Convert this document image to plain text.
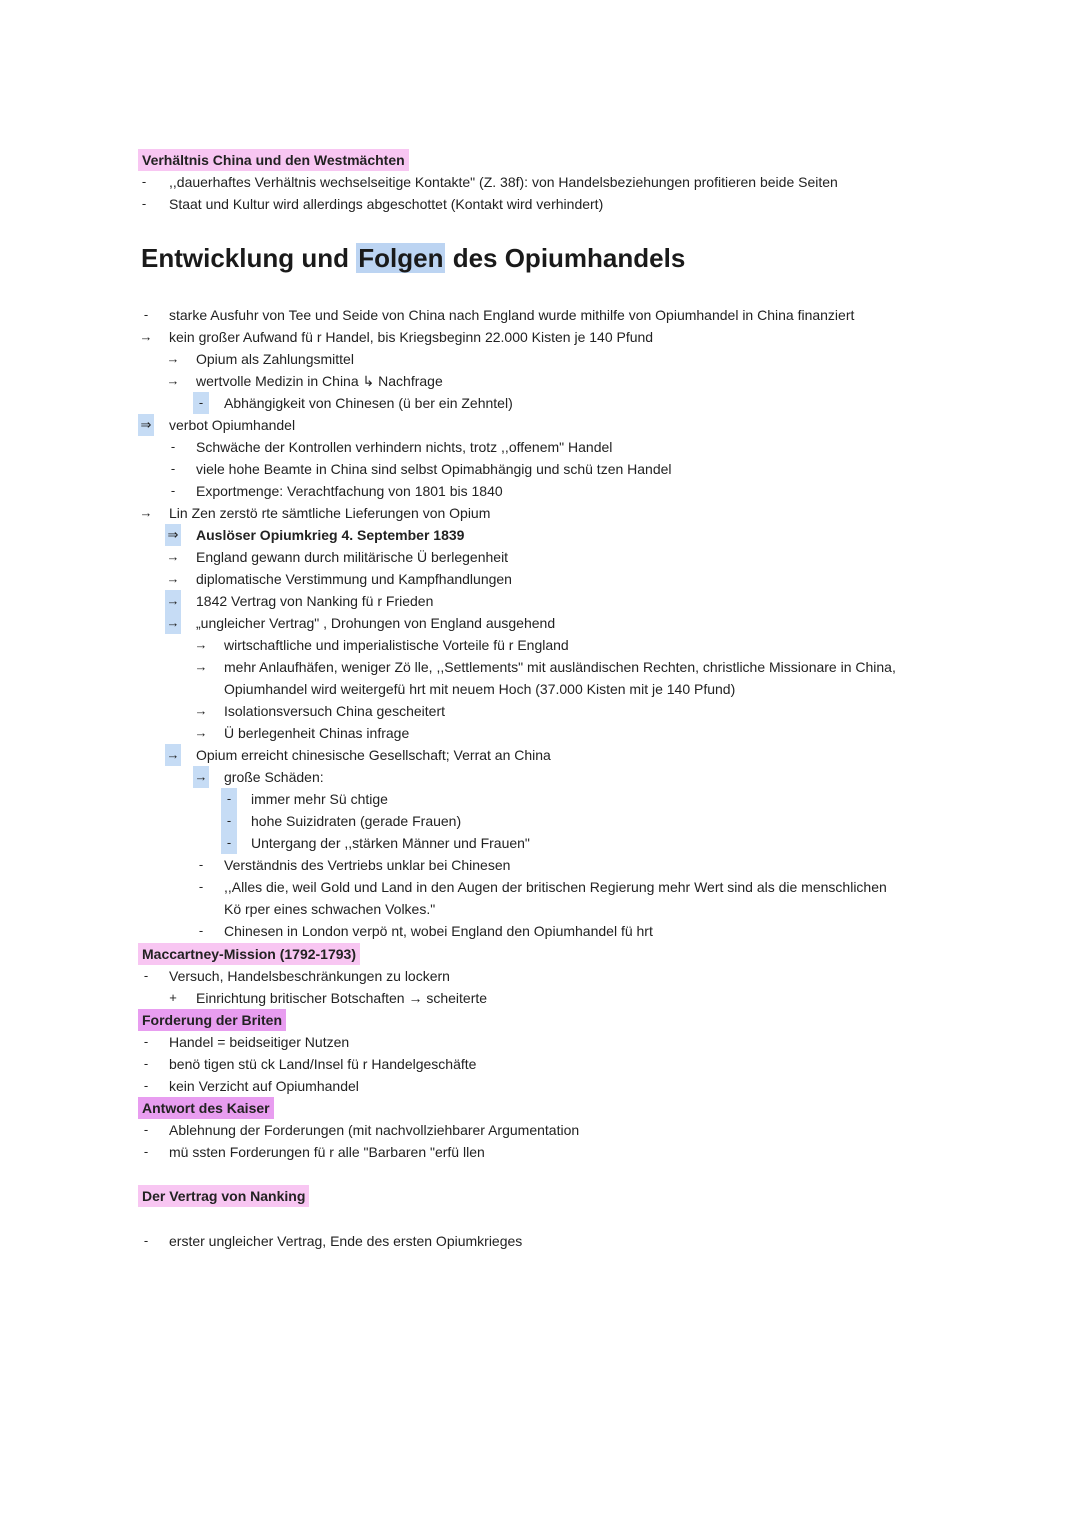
Verhältnis China und den Westmächten
-	,,dauerhaftes Verhältnis wechselseitige Kontakte" (Z. 38f): von Handelsbeziehungen profitieren beide Seiten
-	Staat und Kultur wird allerdings abgeschottet (Kontakt wird verhindert)
Entwicklung und Folgen des Opiumhandels
-	starke Ausfuhr von Tee und Seide von China nach England wurde mithilfe von Opiumhandel in China finanziert
→ kein großer Aufwand fü r Handel, bis Kriegsbeginn 22.000 Kisten je 140 Pfund
→ Opium als Zahlungsmittel
→ wertvolle Medizin in China ↳ Nachfrage
-	Abhängigkeit von Chinesen (ü ber ein Zehntel)
⇒ verbot Opiumhandel
-	Schwäche der Kontrollen verhindern nichts, trotz ,,offenem" Handel
-	viele hohe Beamte in China sind selbst Opimabhängig und schü tzen Handel
-	Exportmenge: Verachtfachung von 1801 bis 1840
→ Lin Zen zerstö rte sämtliche Lieferungen von Opium
⇒ Auslöser Opiumkrieg 4. September 1839
→ England gewann durch militärische Ü berlegenheit
→ diplomatische Verstimmung und Kampfhandlungen
→ 1842 Vertrag von Nanking fü r Frieden
→ „ungleicher Vertrag" , Drohungen von England ausgehend
→ wirtschaftliche und imperialistische Vorteile fü r England
→ mehr Anlaufhäfen, weniger Zö lle, ,,Settlements" mit ausländischen Rechten, christliche Missionare in China,
Opiumhandel wird weitergefü hrt mit neuem Hoch (37.000 Kisten mit je 140 Pfund)
→ Isolationsversuch China gescheitert
→ Ü berlegenheit Chinas infrage
→ Opium erreicht chinesische Gesellschaft; Verrat an China
→ große Schäden:
-	immer mehr Sü chtige
-	hohe Suizidraten (gerade Frauen)
-	Untergang der ,,stärken Männer und Frauen"
-	Verständnis des Vertriebs unklar bei Chinesen
-	,,Alles die, weil Gold und Land in den Augen der britischen Regierung mehr Wert sind als die menschlichen
Kö rper eines schwachen Volkes."
-	Chinesen in London verpö nt, wobei England den Opiumhandel fü hrt
Maccartney-Mission (1792-1793)
-	Versuch, Handelsbeschränkungen zu lockern
+	Einrichtung britischer Botschaften → scheiterte
Forderung der Briten
-	Handel = beidseitiger Nutzen
-	benö tigen stü ck Land/Insel fü r Handelgeschäfte
-	kein Verzicht auf Opiumhandel
Antwort des Kaiser
-	Ablehnung der Forderungen (mit nachvollziehbarer Argumentation
-	mü ssten Forderungen fü r alle "Barbaren "erfü llen
Der Vertrag von Nanking
-	erster ungleicher Vertrag, Ende des ersten Opiumkrieges
